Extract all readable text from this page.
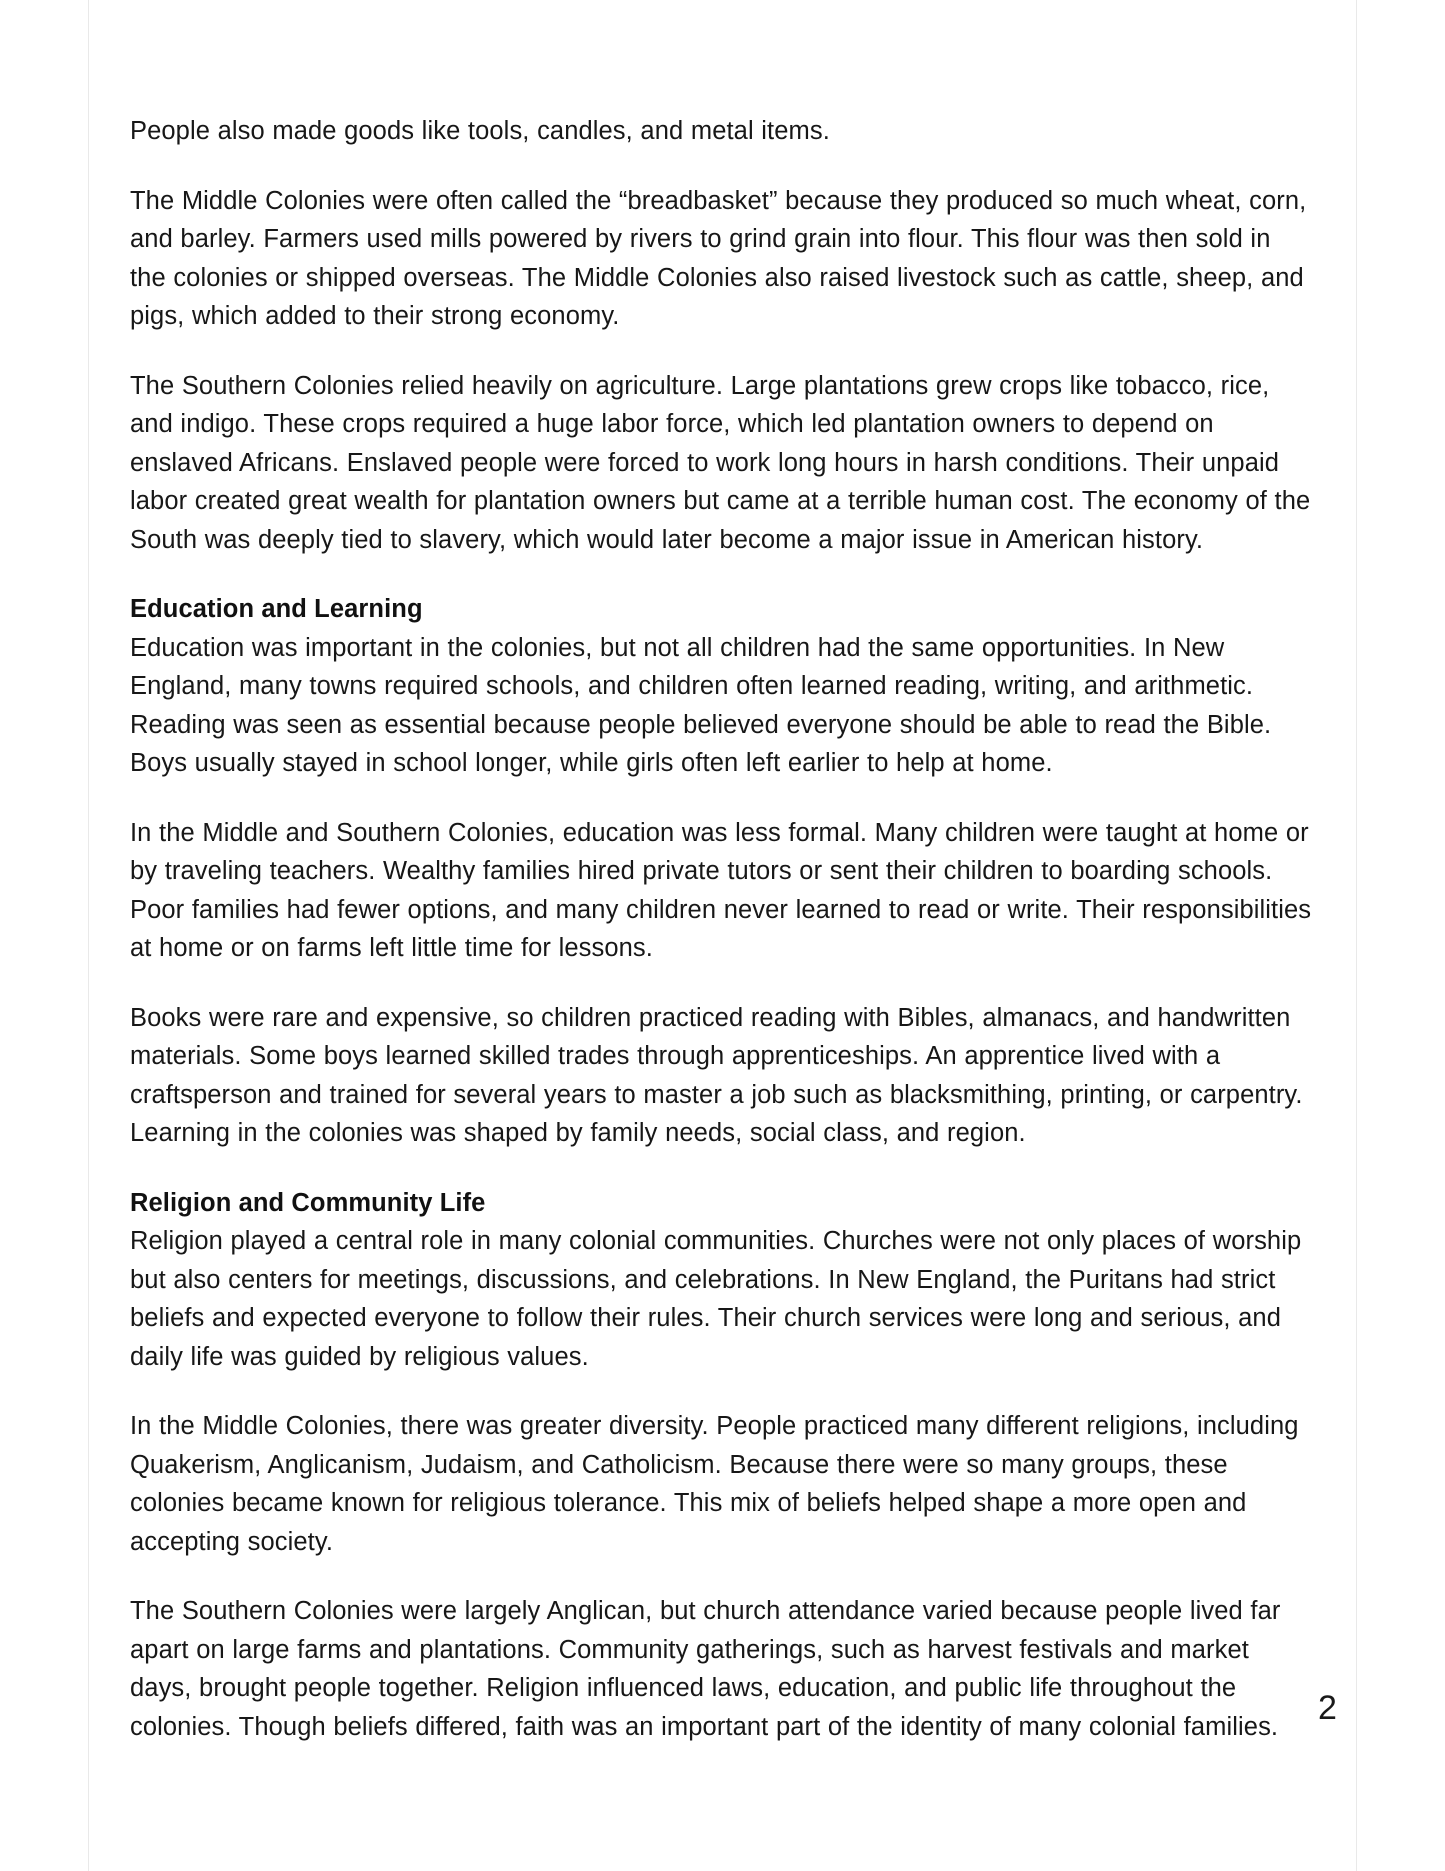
People also made goods like tools, candles, and metal items.

The Middle Colonies were often called the “breadbasket” because they produced so much wheat, corn, and barley. Farmers used mills powered by rivers to grind grain into flour. This flour was then sold in the colonies or shipped overseas. The Middle Colonies also raised livestock such as cattle, sheep, and pigs, which added to their strong economy.

The Southern Colonies relied heavily on agriculture. Large plantations grew crops like tobacco, rice, and indigo. These crops required a huge labor force, which led plantation owners to depend on enslaved Africans. Enslaved people were forced to work long hours in harsh conditions. Their unpaid labor created great wealth for plantation owners but came at a terrible human cost. The economy of the South was deeply tied to slavery, which would later become a major issue in American history.

Education and Learning

Education was important in the colonies, but not all children had the same opportunities. In New England, many towns required schools, and children often learned reading, writing, and arithmetic. Reading was seen as essential because people believed everyone should be able to read the Bible. Boys usually stayed in school longer, while girls often left earlier to help at home.

In the Middle and Southern Colonies, education was less formal. Many children were taught at home or by traveling teachers. Wealthy families hired private tutors or sent their children to boarding schools. Poor families had fewer options, and many children never learned to read or write. Their responsibilities at home or on farms left little time for lessons.

Books were rare and expensive, so children practiced reading with Bibles, almanacs, and handwritten materials. Some boys learned skilled trades through apprenticeships. An apprentice lived with a craftsperson and trained for several years to master a job such as blacksmithing, printing, or carpentry. Learning in the colonies was shaped by family needs, social class, and region.

Religion and Community Life

Religion played a central role in many colonial communities. Churches were not only places of worship but also centers for meetings, discussions, and celebrations. In New England, the Puritans had strict beliefs and expected everyone to follow their rules. Their church services were long and serious, and daily life was guided by religious values.

In the Middle Colonies, there was greater diversity. People practiced many different religions, including Quakerism, Anglicanism, Judaism, and Catholicism. Because there were so many groups, these colonies became known for religious tolerance. This mix of beliefs helped shape a more open and accepting society.

The Southern Colonies were largely Anglican, but church attendance varied because people lived far apart on large farms and plantations. Community gatherings, such as harvest festivals and market days, brought people together. Religion influenced laws, education, and public life throughout the colonies. Though beliefs differed, faith was an important part of the identity of many colonial families.	2
